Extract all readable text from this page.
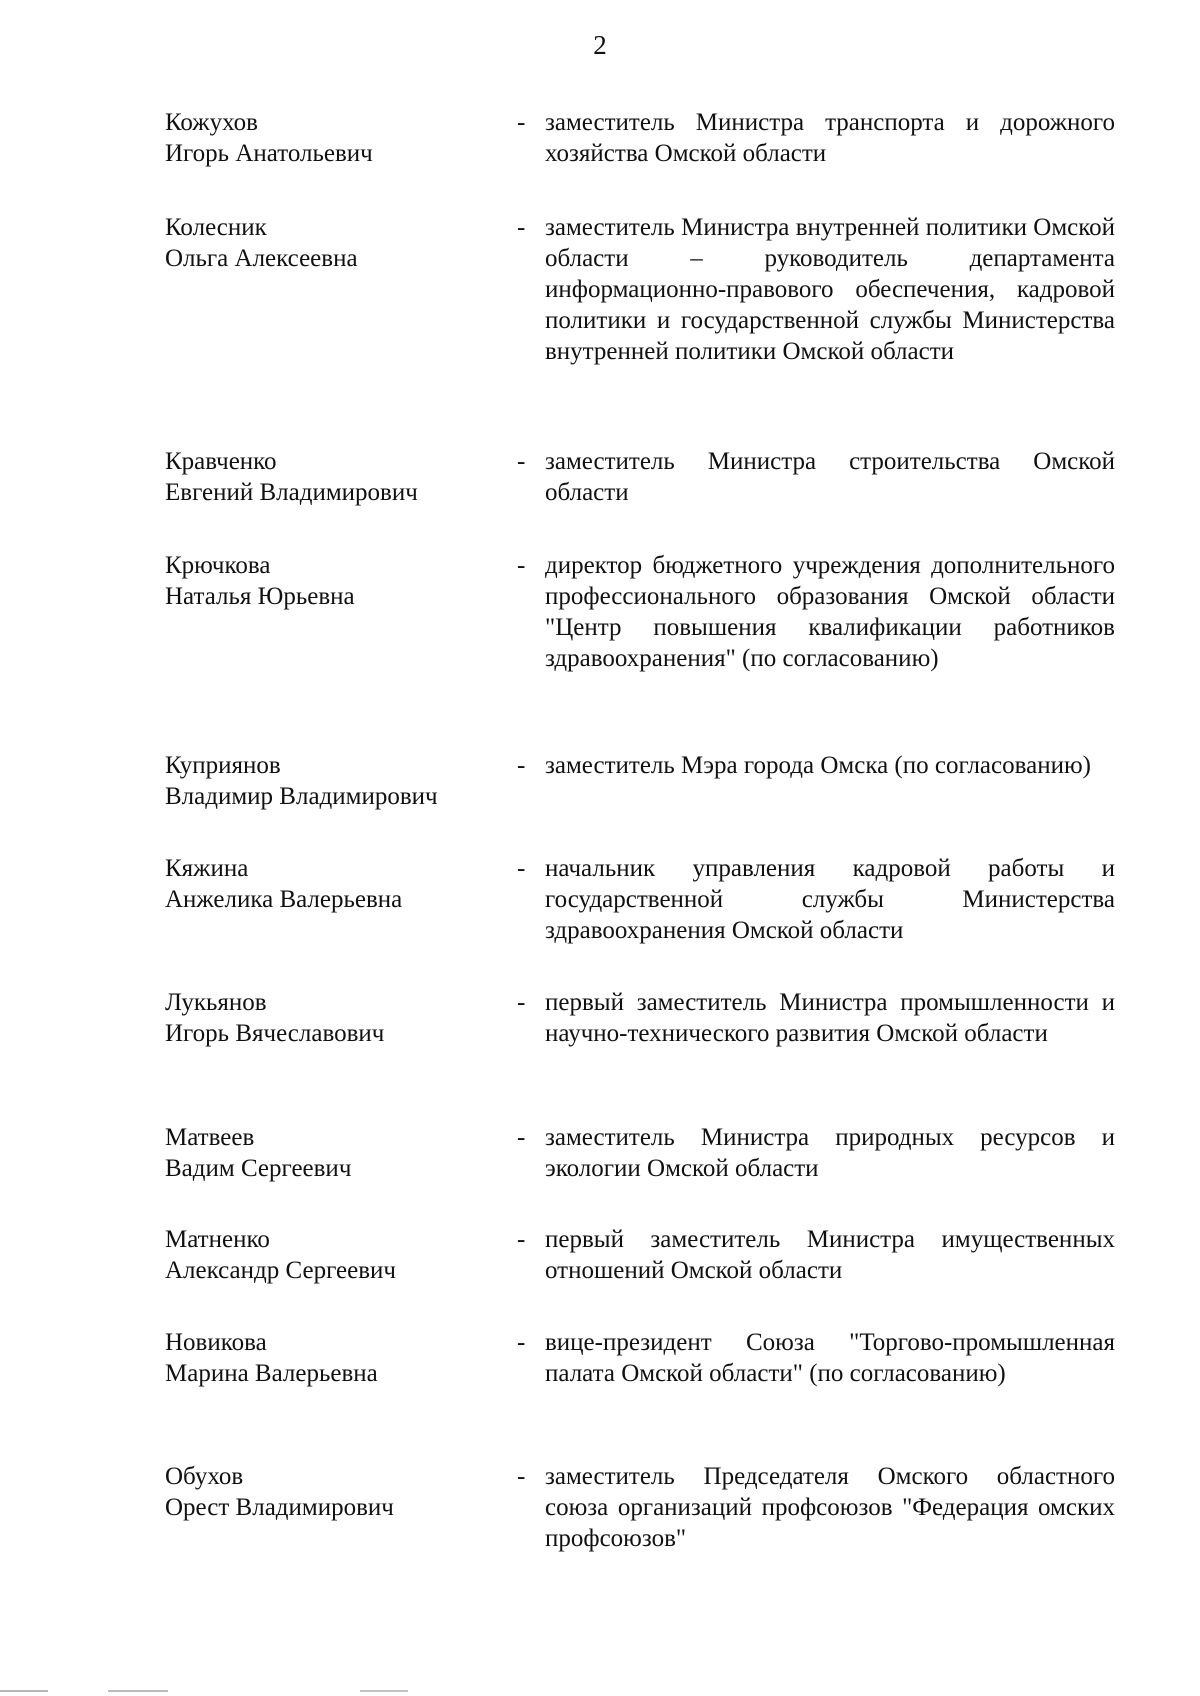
2
Кожухов
Игорь Анатольевич
- заместитель Министра транспорта и дорожного хозяйства Омской области
Колесник
Ольга Алексеевна
- заместитель Министра внутренней политики Омской области – руководитель департамента информационно-правового обеспечения, кадровой политики и государственной службы Министерства внутренней политики Омской области
Кравченко
Евгений Владимирович
- заместитель Министра строительства Омской области
Крючкова
Наталья Юрьевна
- директор бюджетного учреждения дополнительного профессионального образования Омской области "Центр повышения квалификации работников здравоохранения" (по согласованию)
Куприянов
Владимир Владимирович
- заместитель Мэра города Омска (по согласованию)
Кяжина
Анжелика Валерьевна
- начальник управления кадровой работы и государственной службы Министерства здравоохранения Омской области
Лукьянов
Игорь Вячеславович
- первый заместитель Министра промышленности и научно-технического развития Омской области
Матвеев
Вадим Сергеевич
- заместитель Министра природных ресурсов и экологии Омской области
Матненко
Александр Сергеевич
- первый заместитель Министра имущественных отношений Омской области
Новикова
Марина Валерьевна
- вице-президент Союза "Торгово-промышленная палата Омской области" (по согласованию)
Обухов
Орест Владимирович
- заместитель Председателя Омского областного союза организаций профсоюзов "Федерация омских профсоюзов"
